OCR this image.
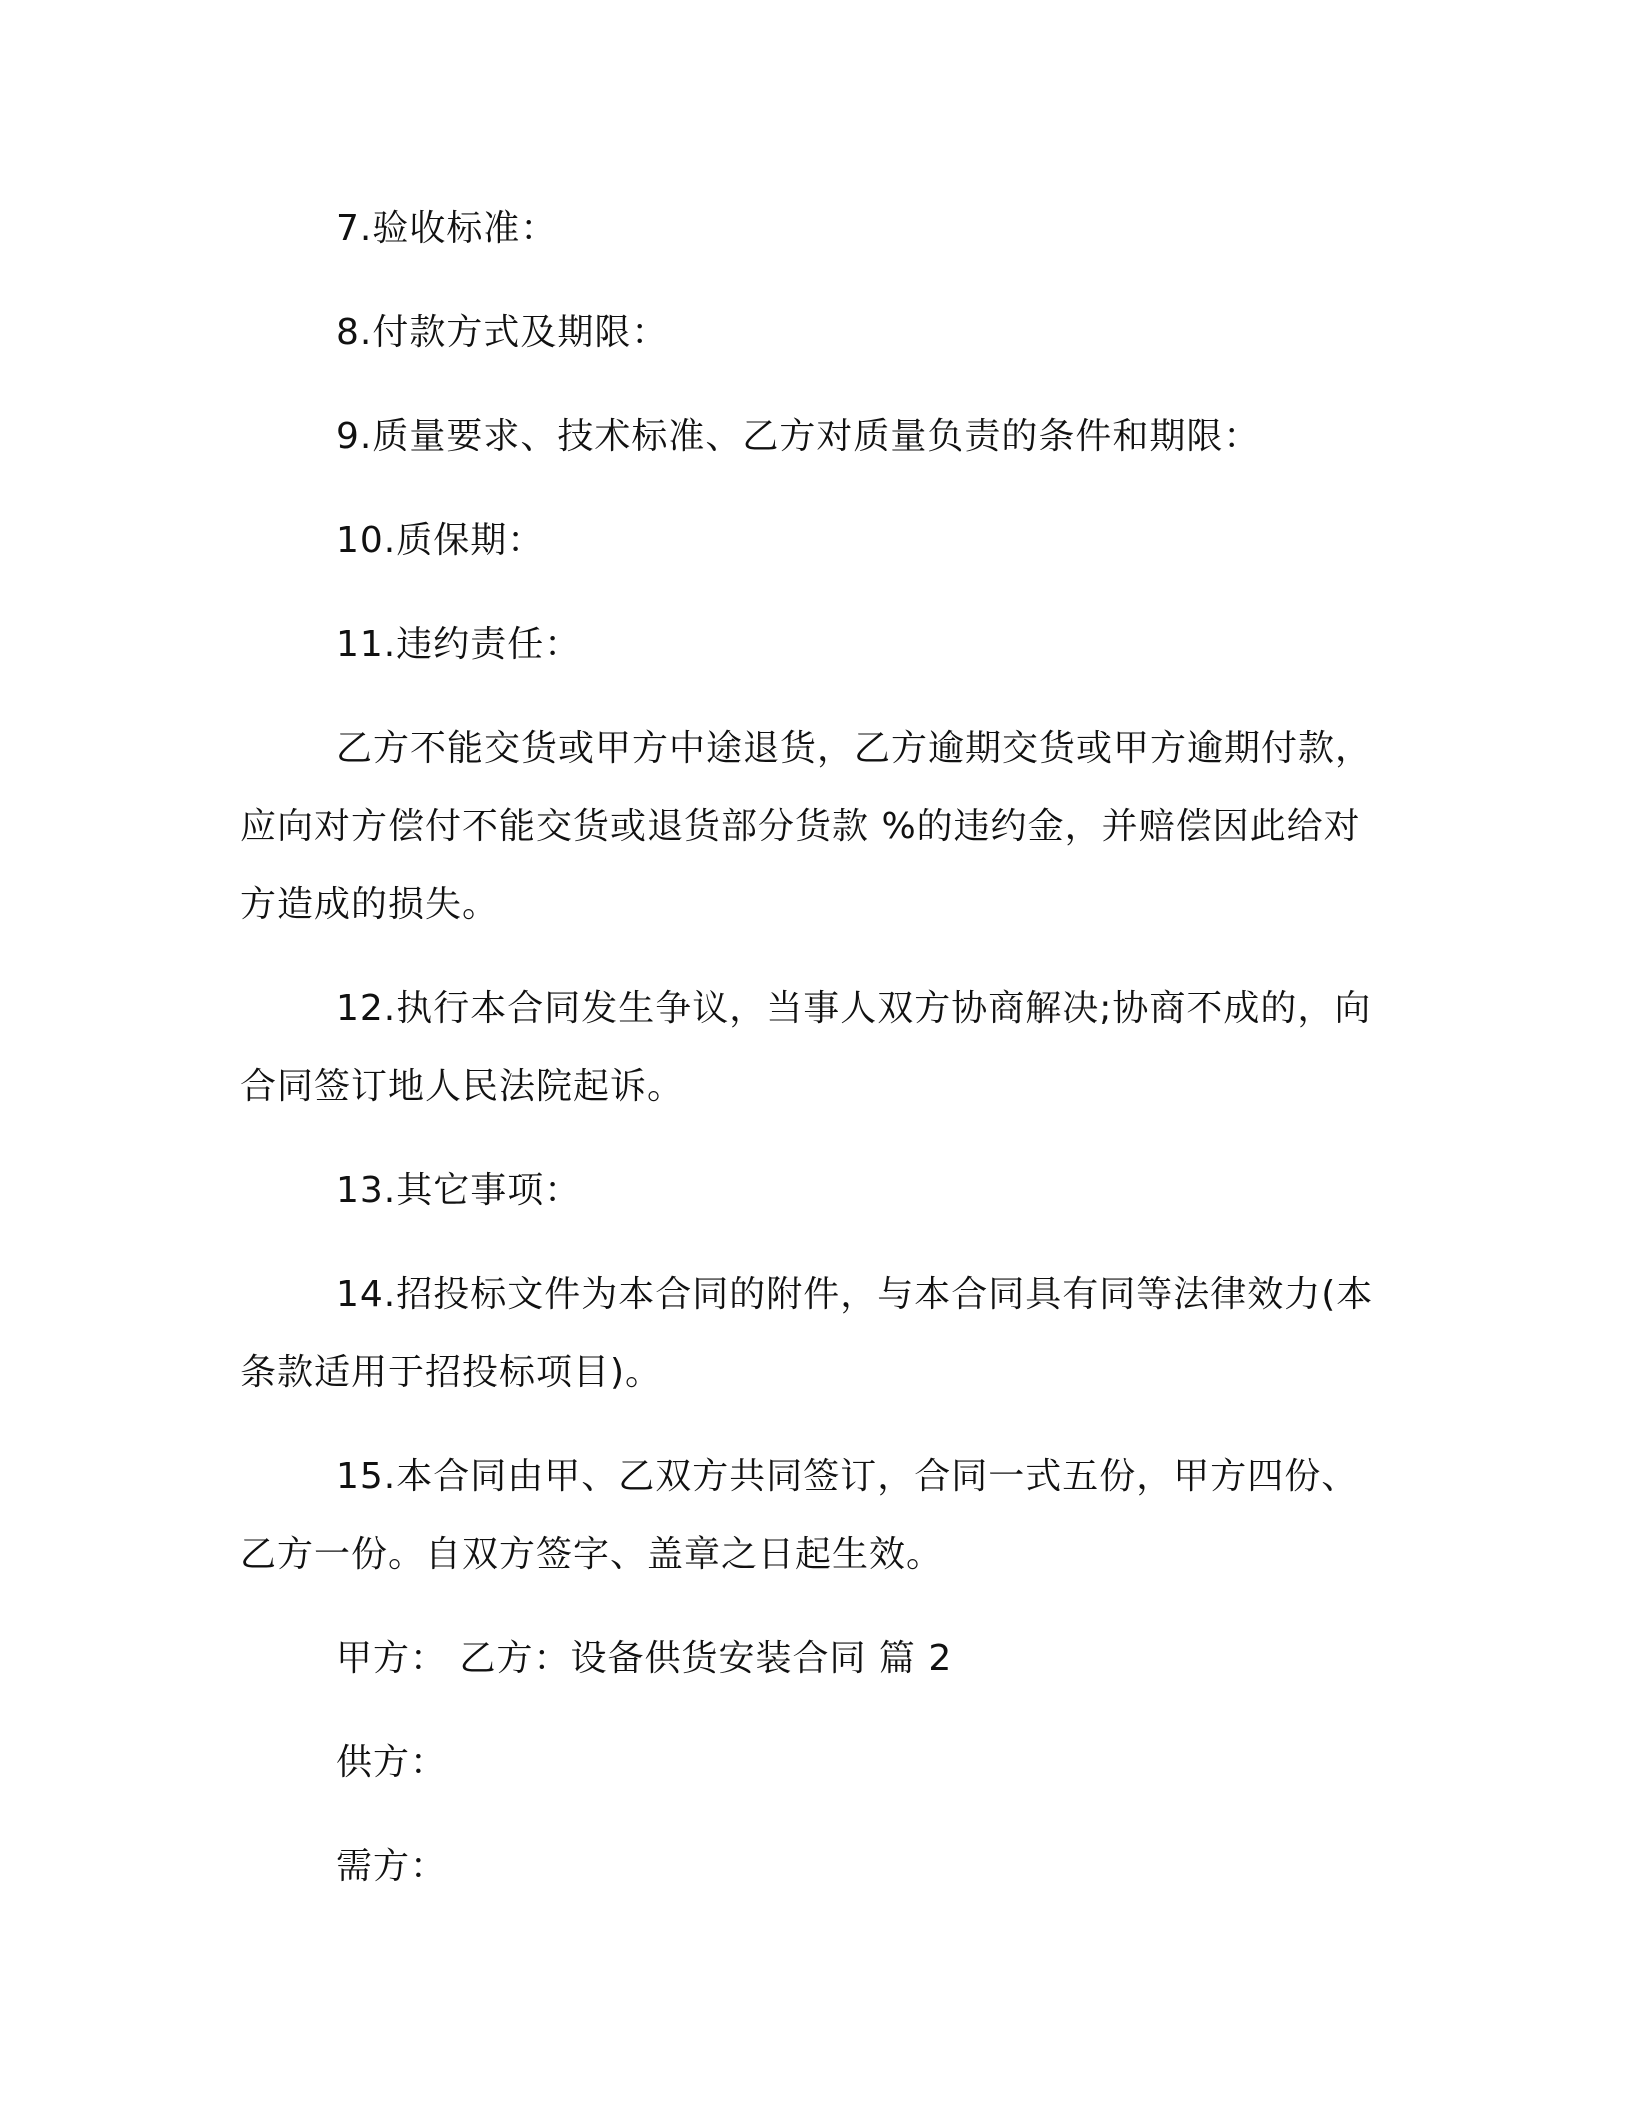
7.验收标准：

8.付款方式及期限：

9.质量要求、技术标准、乙方对质量负责的条件和期限：

10.质保期：

11.违约责任：

乙方不能交货或甲方中途退货，乙方逾期交货或甲方逾期付款，应向对方偿付不能交货或退货部分货款 %的违约金，并赔偿因此给对方造成的损失。

12.执行本合同发生争议，当事人双方协商解决;协商不成的，向合同签订地人民法院起诉。

13.其它事项：

14.招投标文件为本合同的附件，与本合同具有同等法律效力(本条款适用于招投标项目)。

15.本合同由甲、乙双方共同签订，合同一式五份，甲方四份、乙方一份。自双方签字、盖章之日起生效。

甲方： 乙方：设备供货安装合同 篇 2

供方：

需方：
